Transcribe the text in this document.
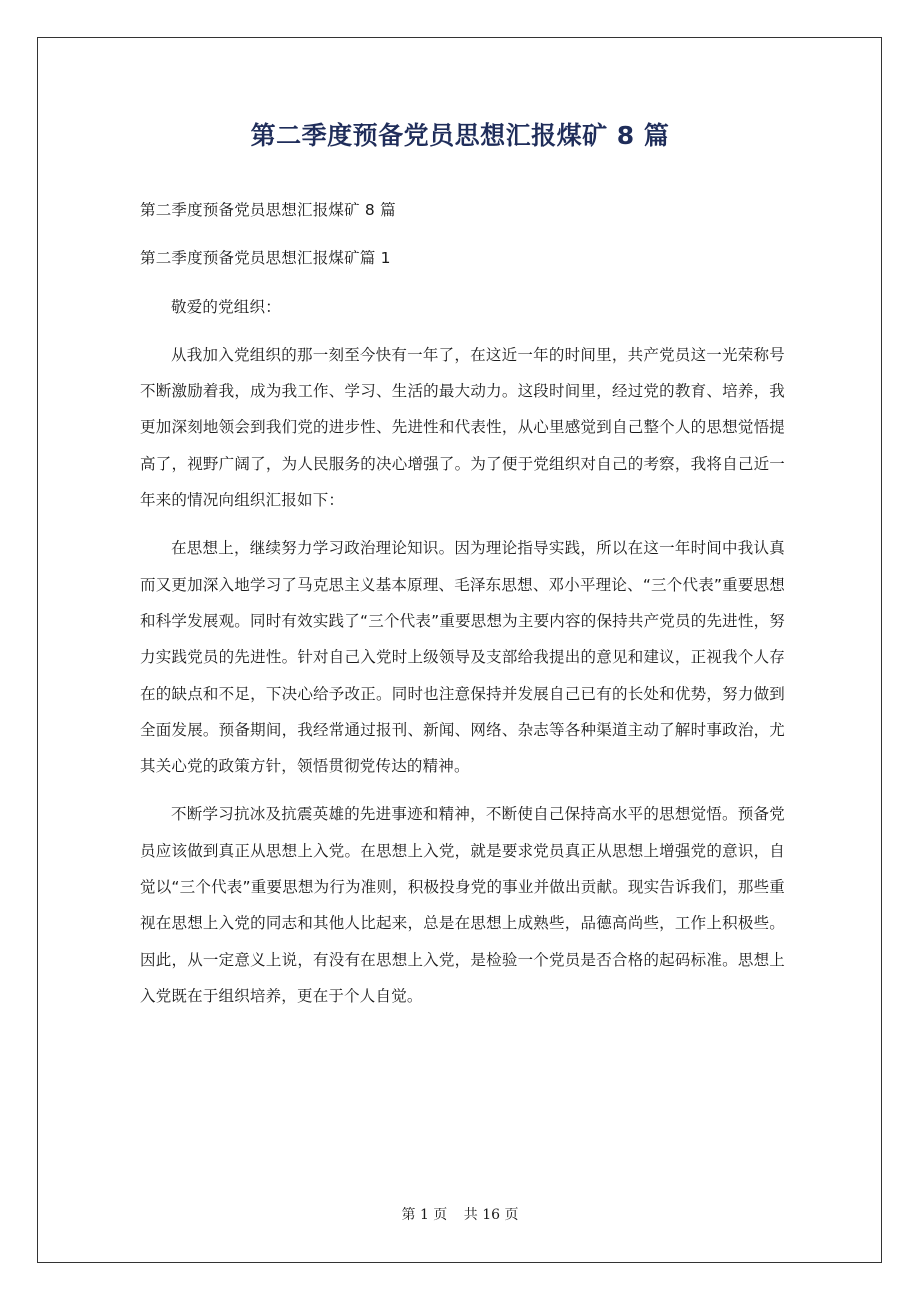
第二季度预备党员思想汇报煤矿 8 篇

第二季度预备党员思想汇报煤矿 8 篇

第二季度预备党员思想汇报煤矿篇 1

敬爱的党组织：

从我加入党组织的那一刻至今快有一年了，在这近一年的时间里，共产党员这一光荣称号不断激励着我，成为我工作、学习、生活的最大动力。这段时间里，经过党的教育、培养，我更加深刻地领会到我们党的进步性、先进性和代表性，从心里感觉到自己整个人的思想觉悟提高了，视野广阔了，为人民服务的决心增强了。为了便于党组织对自己的考察，我将自己近一年来的情况向组织汇报如下：

在思想上，继续努力学习政治理论知识。因为理论指导实践，所以在这一年时间中我认真而又更加深入地学习了马克思主义基本原理、毛泽东思想、邓小平理论、“三个代表”重要思想和科学发展观。同时有效实践了“三个代表”重要思想为主要内容的保持共产党员的先进性，努力实践党员的先进性。针对自己入党时上级领导及支部给我提出的意见和建议，正视我个人存在的缺点和不足，下决心给予改正。同时也注意保持并发展自己已有的长处和优势，努力做到全面发展。预备期间，我经常通过报刊、新闻、网络、杂志等各种渠道主动了解时事政治，尤其关心党的政策方针，领悟贯彻党传达的精神。

不断学习抗冰及抗震英雄的先进事迹和精神，不断使自己保持高水平的思想觉悟。预备党员应该做到真正从思想上入党。在思想上入党，就是要求党员真正从思想上增强党的意识，自觉以“三个代表”重要思想为行为准则，积极投身党的事业并做出贡献。现实告诉我们，那些重视在思想上入党的同志和其他人比起来，总是在思想上成熟些，品德高尚些，工作上积极些。因此，从一定意义上说，有没有在思想上入党，是检验一个党员是否合格的起码标准。思想上入党既在于组织培养，更在于个人自觉。

第 1 页 共 16 页
